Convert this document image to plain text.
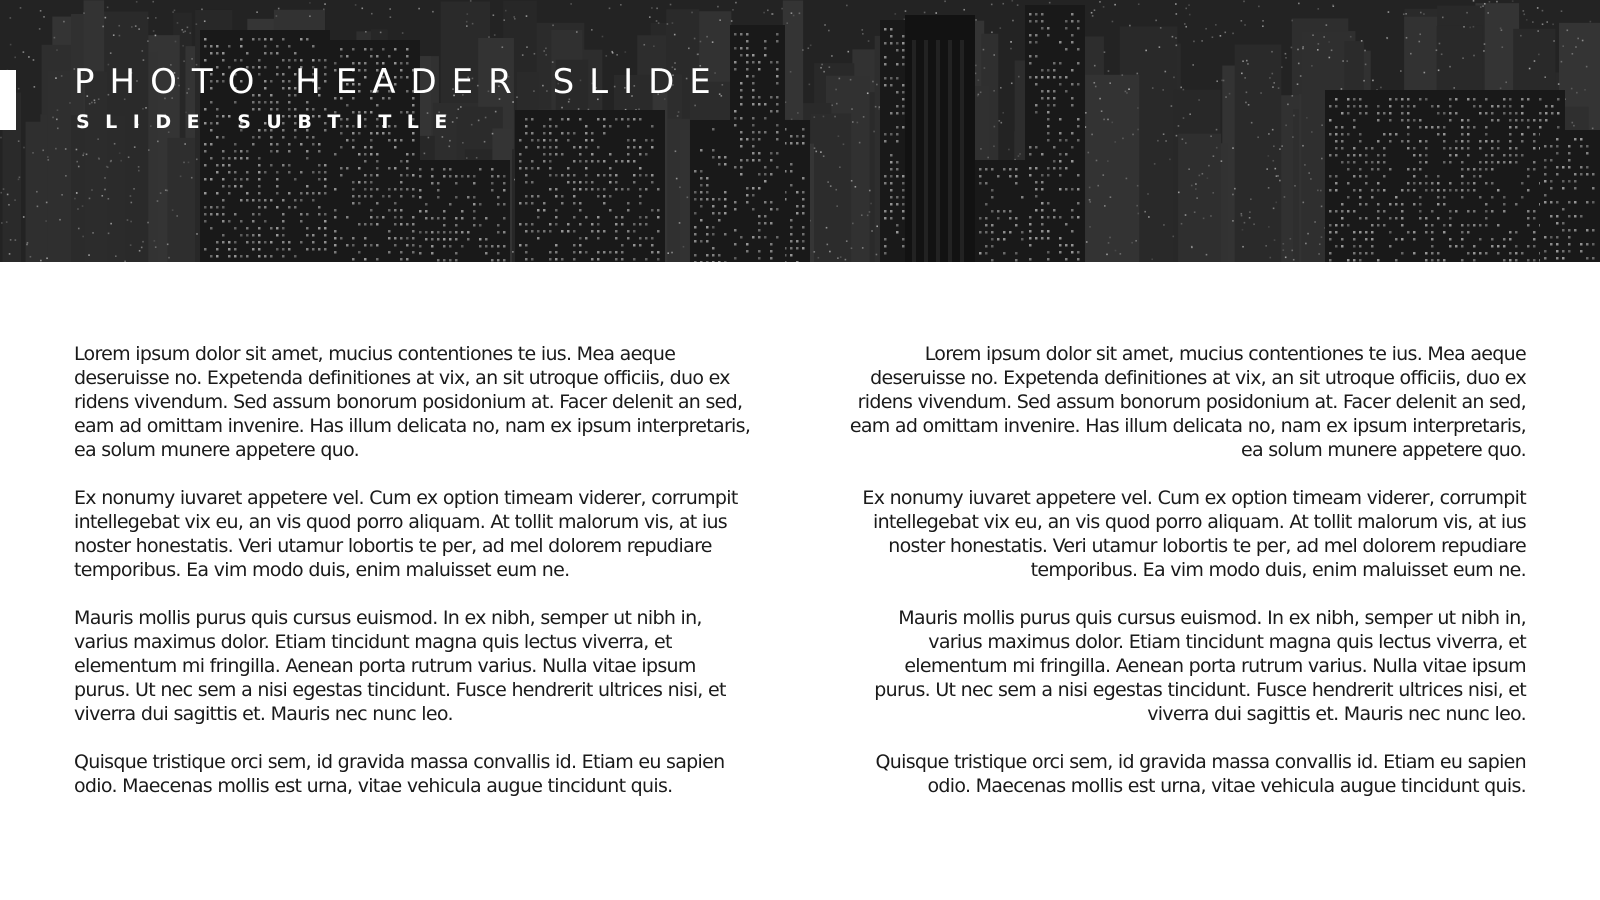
PHOTO HEADER SLIDE
SLIDE SUBTITLE

Lorem ipsum dolor sit amet, mucius contentiones te ius. Mea aeque deseruisse no. Expetenda definitiones at vix, an sit utroque officiis, duo ex ridens vivendum. Sed assum bonorum posidonium at. Facer delenit an sed, eam ad omittam invenire. Has illum delicata no, nam ex ipsum interpretaris, ea solum munere appetere quo.

Ex nonumy iuvaret appetere vel. Cum ex option timeam viderer, corrumpit intellegebat vix eu, an vis quod porro aliquam. At tollit malorum vis, at ius noster honestatis. Veri utamur lobortis te per, ad mel dolorem repudiare temporibus. Ea vim modo duis, enim maluisset eum ne.

Mauris mollis purus quis cursus euismod. In ex nibh, semper ut nibh in, varius maximus dolor. Etiam tincidunt magna quis lectus viverra, et elementum mi fringilla. Aenean porta rutrum varius. Nulla vitae ipsum purus. Ut nec sem a nisi egestas tincidunt. Fusce hendrerit ultrices nisi, et viverra dui sagittis et. Mauris nec nunc leo.

Quisque tristique orci sem, id gravida massa convallis id. Etiam eu sapien odio. Maecenas mollis est urna, vitae vehicula augue tincidunt quis.

Lorem ipsum dolor sit amet, mucius contentiones te ius. Mea aeque deseruisse no. Expetenda definitiones at vix, an sit utroque officiis, duo ex ridens vivendum. Sed assum bonorum posidonium at. Facer delenit an sed, eam ad omittam invenire. Has illum delicata no, nam ex ipsum interpretaris, ea solum munere appetere quo.

Ex nonumy iuvaret appetere vel. Cum ex option timeam viderer, corrumpit intellegebat vix eu, an vis quod porro aliquam. At tollit malorum vis, at ius noster honestatis. Veri utamur lobortis te per, ad mel dolorem repudiare temporibus. Ea vim modo duis, enim maluisset eum ne.

Mauris mollis purus quis cursus euismod. In ex nibh, semper ut nibh in, varius maximus dolor. Etiam tincidunt magna quis lectus viverra, et elementum mi fringilla. Aenean porta rutrum varius. Nulla vitae ipsum purus. Ut nec sem a nisi egestas tincidunt. Fusce hendrerit ultrices nisi, et viverra dui sagittis et. Mauris nec nunc leo.

Quisque tristique orci sem, id gravida massa convallis id. Etiam eu sapien odio. Maecenas mollis est urna, vitae vehicula augue tincidunt quis.
